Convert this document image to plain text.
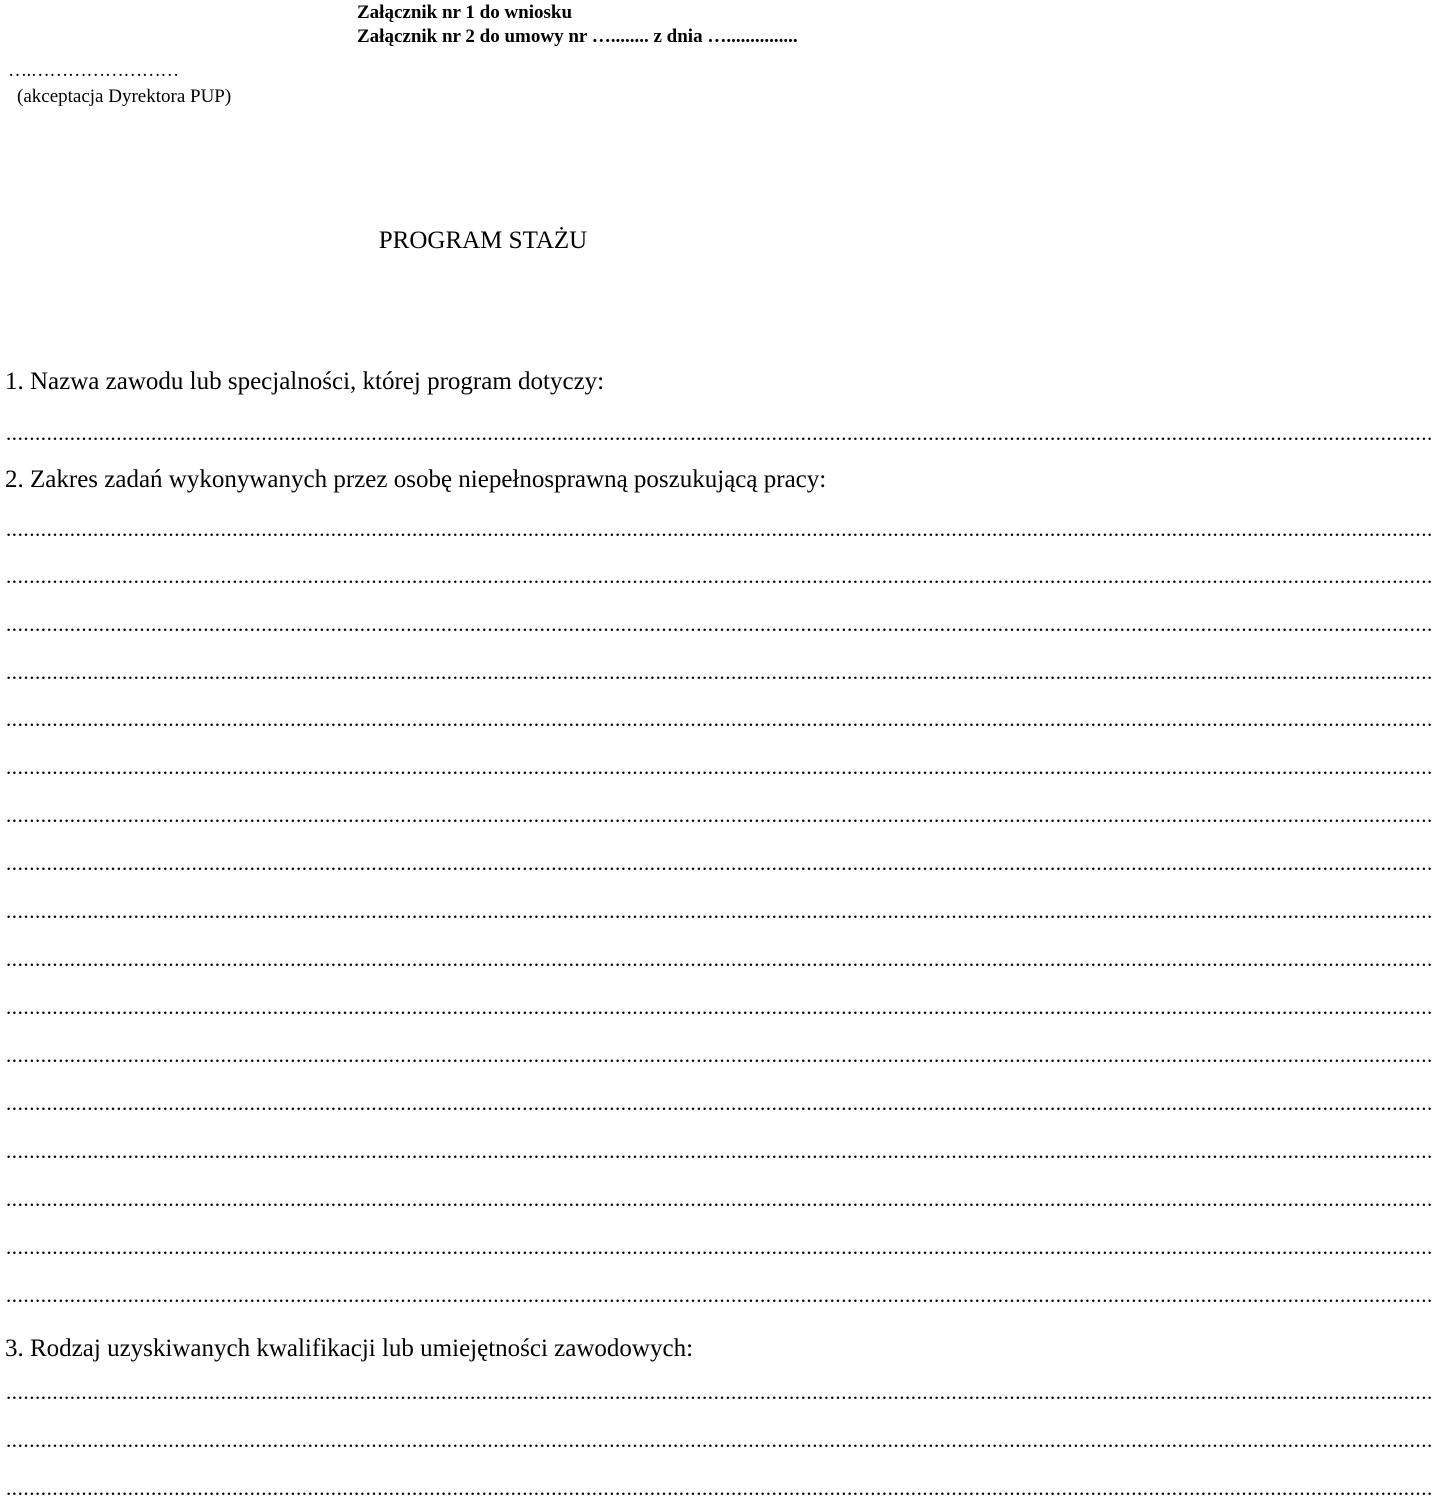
Załącznik nr 1 do wniosku
Załącznik nr 2 do umowy nr …........ z dnia …...............
….……………………
(akceptacja Dyrektora PUP)
PROGRAM STAŻU
1. Nazwa zawodu lub specjalności, której program dotyczy:
......................................................................................................................................................................................................................................................
2. Zakres zadań wykonywanych przez osobę niepełnosprawną poszukującą pracy:
......................................................................................................................................................................................................................................................
......................................................................................................................................................................................................................................................
......................................................................................................................................................................................................................................................
......................................................................................................................................................................................................................................................
......................................................................................................................................................................................................................................................
......................................................................................................................................................................................................................................................
......................................................................................................................................................................................................................................................
......................................................................................................................................................................................................................................................
......................................................................................................................................................................................................................................................
......................................................................................................................................................................................................................................................
......................................................................................................................................................................................................................................................
......................................................................................................................................................................................................................................................
......................................................................................................................................................................................................................................................
......................................................................................................................................................................................................................................................
......................................................................................................................................................................................................................................................
......................................................................................................................................................................................................................................................
......................................................................................................................................................................................................................................................
3. Rodzaj uzyskiwanych kwalifikacji lub umiejętności zawodowych:
......................................................................................................................................................................................................................................................
......................................................................................................................................................................................................................................................
......................................................................................................................................................................................................................................................
